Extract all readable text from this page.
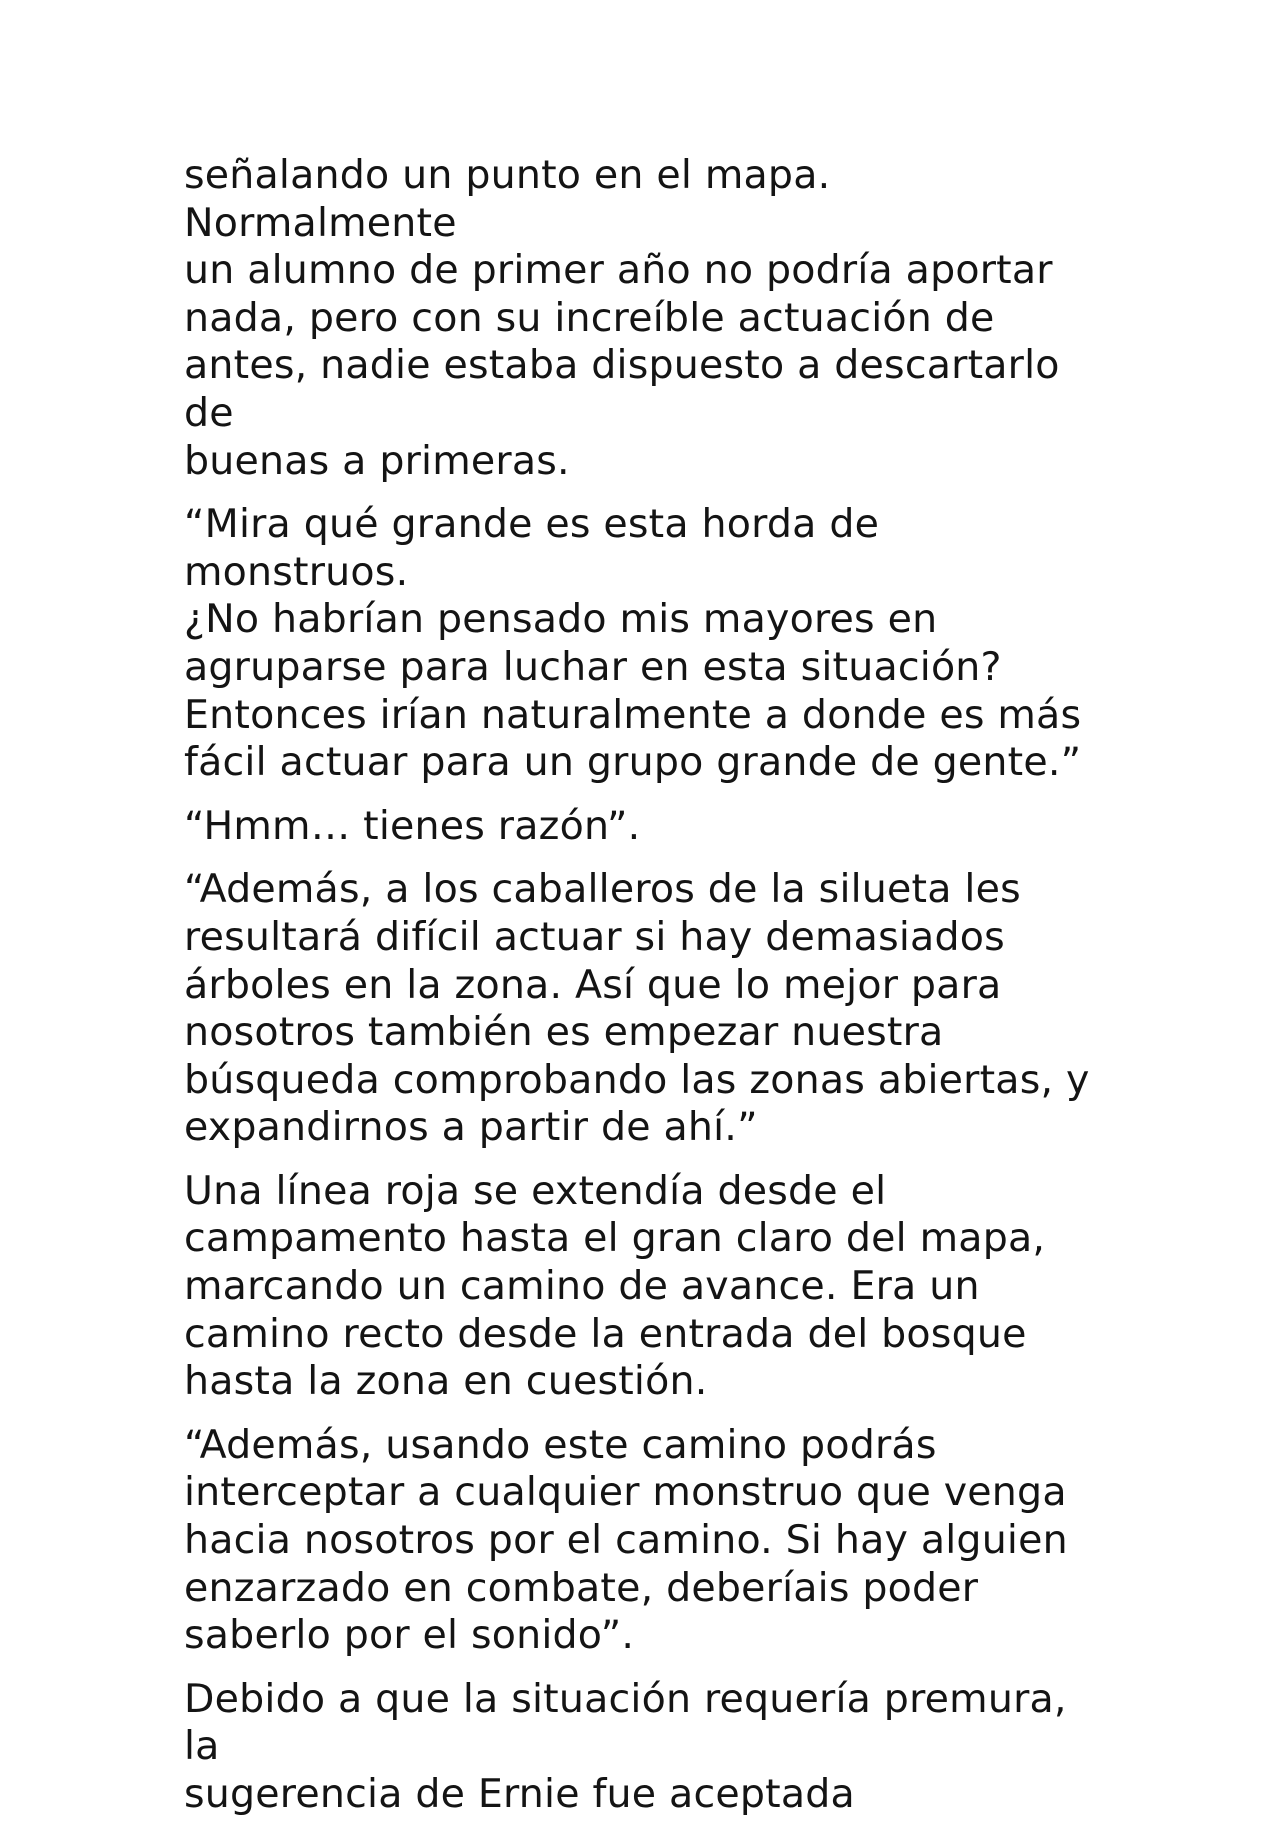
señalando un punto en el mapa. Normalmente
un alumno de primer año no podría aportar
nada, pero con su increíble actuación de
antes, nadie estaba dispuesto a descartarlo de
buenas a primeras.

“Mira qué grande es esta horda de monstruos.
¿No habrían pensado mis mayores en
agruparse para luchar en esta situación?
Entonces irían naturalmente a donde es más
fácil actuar para un grupo grande de gente.”

“Hmm… tienes razón”.

“Además, a los caballeros de la silueta les
resultará difícil actuar si hay demasiados
árboles en la zona. Así que lo mejor para
nosotros también es empezar nuestra
búsqueda comprobando las zonas abiertas, y
expandirnos a partir de ahí.”

Una línea roja se extendía desde el
campamento hasta el gran claro del mapa,
marcando un camino de avance. Era un
camino recto desde la entrada del bosque
hasta la zona en cuestión.

“Además, usando este camino podrás
interceptar a cualquier monstruo que venga
hacia nosotros por el camino. Si hay alguien
enzarzado en combate, deberíais poder
saberlo por el sonido”.

Debido a que la situación requería premura, la
sugerencia de Ernie fue aceptada
